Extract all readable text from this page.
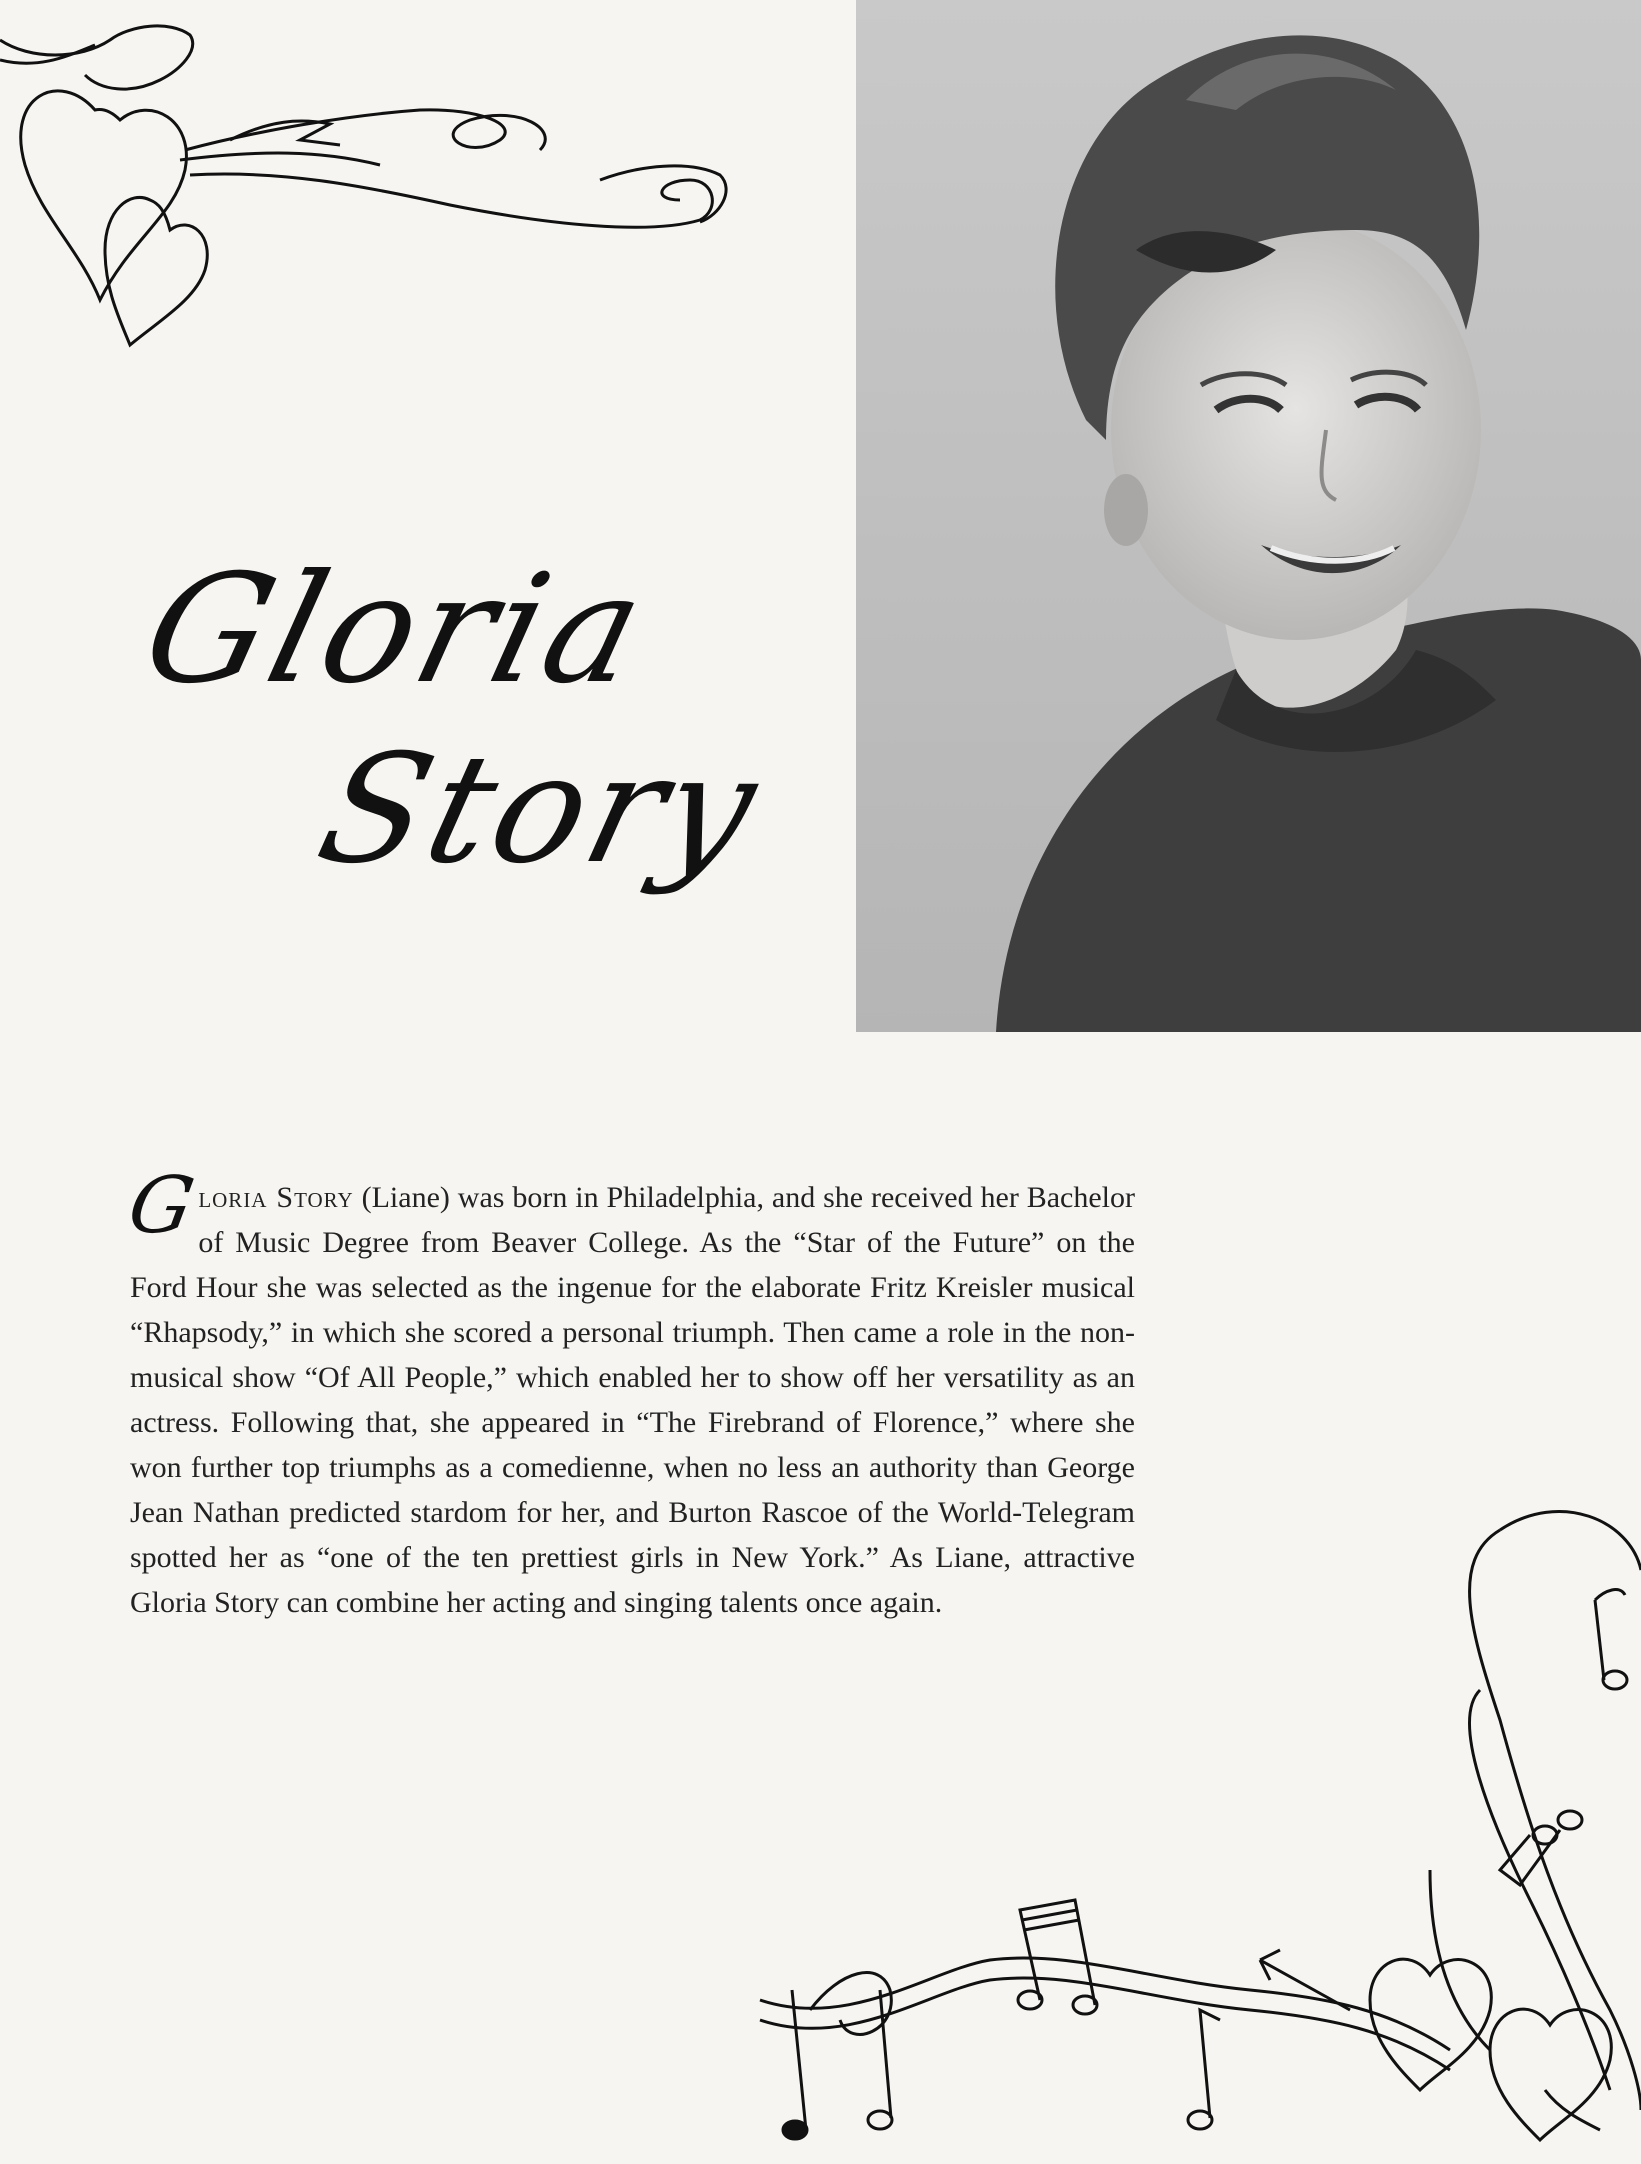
Gloria
Story
G
loria Story (Liane) was born in Philadelphia, and she received her Bachelor of Music Degree from Beaver College. As the “Star of the Future” on the Ford Hour she was selected as the ingenue for the elaborate Fritz Kreisler musical “Rhapsody,” in which she scored a personal triumph. Then came a role in the non-musical show “Of All People,” which enabled her to show off her versatility as an actress. Following that, she appeared in “The Firebrand of Florence,” where she won further top triumphs as a comedienne, when no less an authority than George Jean Nathan predicted stardom for her, and Burton Rascoe of the World-Telegram spotted her as “one of the ten prettiest girls in New York.” As Liane, attractive Gloria Story can combine her acting and singing talents once again.
